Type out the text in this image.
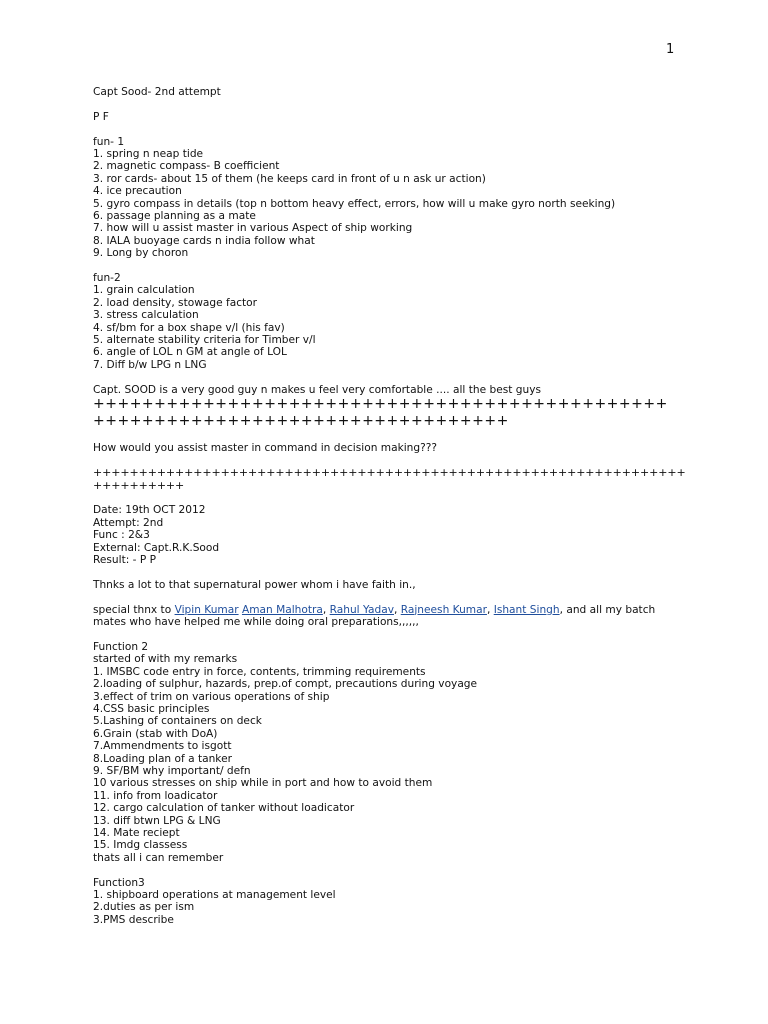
1
Capt Sood- 2nd attempt
P F
fun- 1
1. spring n neap tide
2. magnetic compass- B coefficient
3. ror cards- about 15 of them (he keeps card in front of u n ask ur action)
4. ice precaution
5. gyro compass in details (top n bottom heavy effect, errors, how will u make gyro north seeking)
6. passage planning as a mate
7. how will u assist master in various Aspect of ship working
8. IALA buoyage cards n india follow what
9. Long by choron
fun-2
1. grain calculation
2. load density, stowage factor
3. stress calculation
4. sf/bm for a box shape v/l (his fav)
5. alternate stability criteria for Timber v/l
6. angle of LOL n GM at angle of LOL
7. Diff b/w LPG n LNG
Capt. SOOD is a very good guy n makes u feel very comfortable .... all the best guys
+++++++++++++++++++++++++++++++++++++++++++++++
++++++++++++++++++++++++++++++++++
How would you assist master in command in decision making???
+++++++++++++++++++++++++++++++++++++++++++++++++++++++++++++++++
++++++++++
Date: 19th OCT 2012
Attempt: 2nd
Func : 2&3
External: Capt.R.K.Sood
Result: - P P
Thnks a lot to that supernatural power whom i have faith in.,
special thnx to Vipin Kumar Aman Malhotra, Rahul Yadav, Rajneesh Kumar, Ishant Singh, and all my batch
mates who have helped me while doing oral preparations,,,,,,
Function 2
started of with my remarks
1. IMSBC code entry in force, contents, trimming requirements
2.loading of sulphur, hazards, prep.of compt, precautions during voyage
3.effect of trim on various operations of ship
4.CSS basic principles
5.Lashing of containers on deck
6.Grain (stab with DoA)
7.Ammendments to isgott
8.Loading plan of a tanker
9. SF/BM why important/ defn
10 various stresses on ship while in port and how to avoid them
11. info from loadicator
12. cargo calculation of tanker without loadicator
13. diff btwn LPG & LNG
14. Mate reciept
15. Imdg classess
thats all i can remember
Function3
1. shipboard operations at management level
2.duties as per ism
3.PMS describe
